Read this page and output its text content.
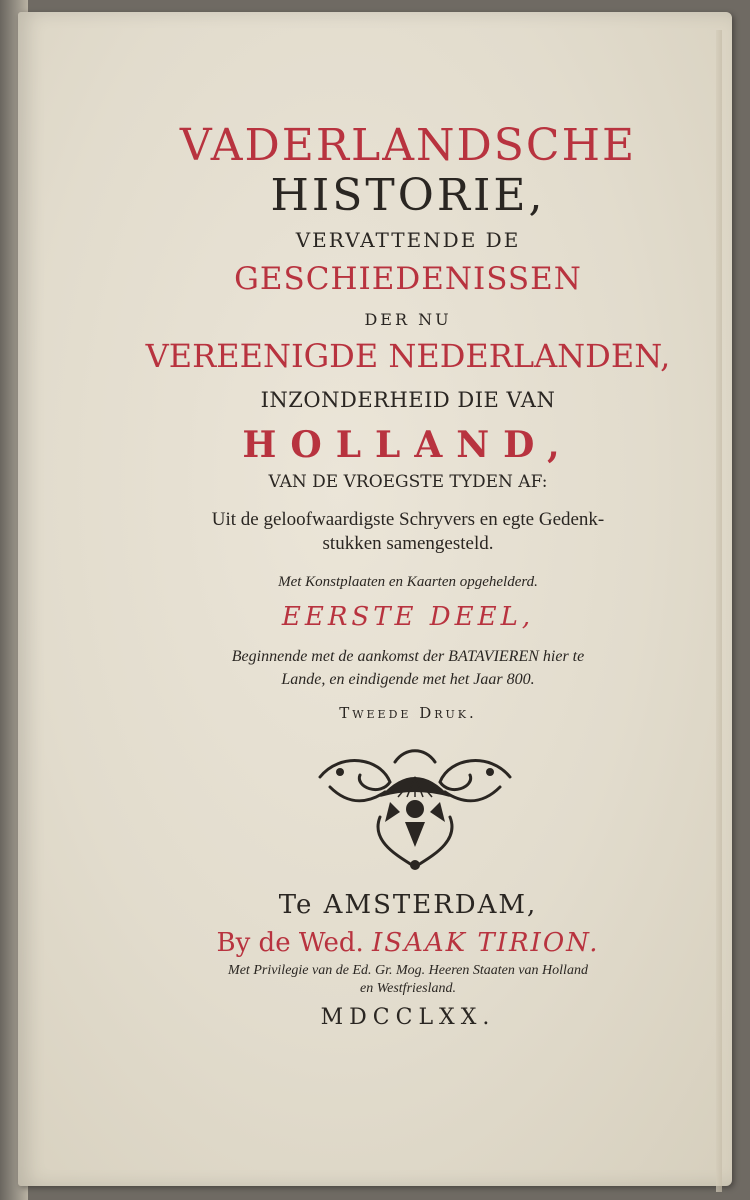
VADERLANDSCHE
HISTORIE,
VERVATTENDE DE
GESCHIEDENISSEN
DER NU
VEREENIGDE NEDERLANDEN,
INZONDERHEID DIE VAN
HOLLAND,
VAN DE VROEGSTE TYDEN AF:
Uit de geloofwaardigste Schryvers en egte Gedenk-
stukken samengesteld.
Met Konstplaaten en Kaarten opgehelderd.
EERSTE DEEL,
Beginnende met de aankomst der BATAVIEREN hier te
Lande, en eindigende met het Jaar 800.
Tweede Druk.
Te AMSTERDAM,
By de Wed. ISAAK TIRION.
Met Privilegie van de Ed. Gr. Mog. Heeren Staaten van Holland
en Westfriesland.
MDCCLXX.
